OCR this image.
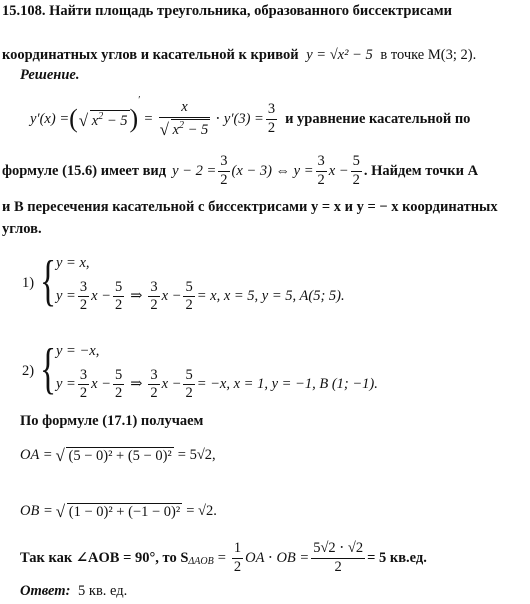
15.108. Найти площадь треугольника, образованного биссектрисами
координатных углов и касательной к кривой y = √x² − 5 в точке M(3; 2).
Решение.
y′(x) = ( √ $x^2 - 5$ )
′
= x
√ $x^2 - 5 \cdot y'(3) = \frac{3}{2}$ и уравнение касательной по
формуле (15.6) имеет вид $y - 2 = \frac{3}{2} (x - 3)$ ⇔ $y = \frac{3}{2}$ $x - \frac{5}{2}$ . Найдем точки A
и B пересечения касательной с биссектрисами y = x и y = − x координатных
углов.
1) { y = x,
$y = \frac{3}{2}$ $x - \frac{5}{2}$ ⇒ $\frac{3}{2}$ $x - \frac{5}{2} = x$, x = 5, y = 5, A(5; 5).
2) { y = −x,
$y = \frac{3}{2}$ $x - \frac{5}{2}$ ⇒ $\frac{3}{2}$ $x - \frac{5}{2} = -x$, x = 1, y = −1, B (1; −1).
По формуле (17.1) получаем
OA =	√ (5 − 0)² + (5 − 0)² = 5√2,
OB =	√ (1 − 0)² + (−1 − 0)² = √2.
Так как ∠AOB = 90°, то $S_{\Delta AOB} = \frac{1}{2}$ OA ⋅ OB = $\frac{5√2 \cdot √2}{2} = 5$ кв.ед.
Ответ: 5 кв. ед.
